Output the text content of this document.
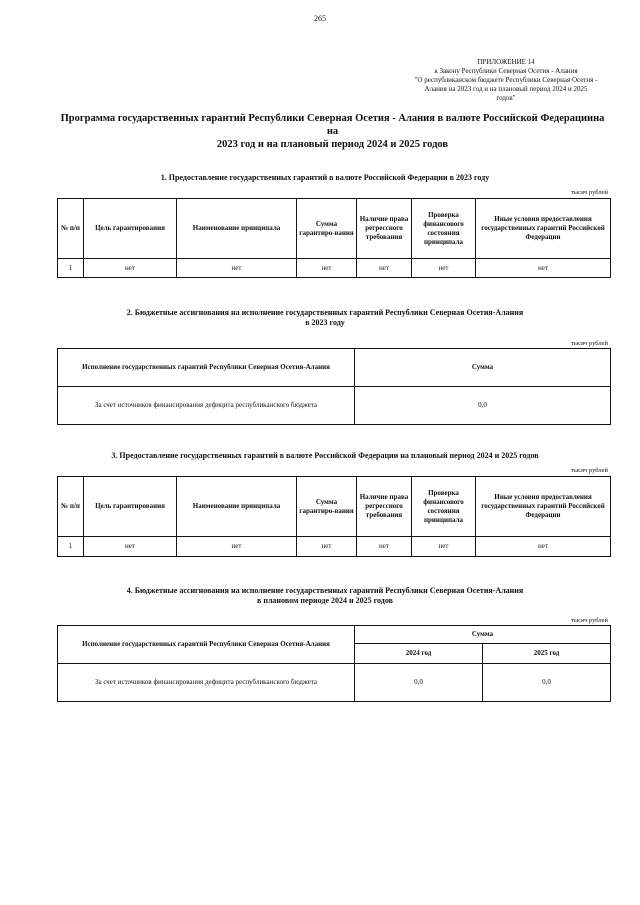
265
ПРИЛОЖЕНИЕ 14
к Закону Республики Северная Осетия - Алания
"О республиканском бюджете Республики Северная Осетия -
Алания на 2023 год и на плановый период 2024 и 2025
годов"
Программа государственных гарантий Республики Северная Осетия - Алания в валюте Российской Федерациина на
2023 год и на плановый период 2024 и 2025 годов
1. Предоставление государственных гарантий в валюте Российской Федерации в 2023 году
тысяч рублей
№ п/п	Цель гарантирования	Наименование принципала	Сумма гарантиро-вания	Наличие права регрессного требования	Проверка финансового состояния принципала	Иные условия предоставления государственных гарантий Российской Федерации
1	нет	нет	нет	нет	нет	нет
2. Бюджетные ассигнования на исполнение государственных гарантий Республики Северная Осетия-Алания
в 2023 году
тысяч рублей
Исполнение государственных гарантий Республики Северная Осетия-Алания	Сумма
За счет источников финансирования дефицита республиканского бюджета	0,0
3. Предоставление государственных гарантий в валюте Российской Федерации на плановый период 2024 и 2025 годов
тысяч рублей
№ п/п	Цель гарантирования	Наименование принципала	Сумма гарантиро-вания	Наличие права регрессного требования	Проверка финансового состояния принципала	Иные условия предоставления государственных гарантий Российской Федерации
1	нет	нет	нет	нет	нет	нет
4. Бюджетные ассигнования на исполнение государственных гарантий Республики Северная Осетия-Алания
в плановом периоде 2024 и 2025 годов
тысяч рублей
Исполнение государственных гарантий Республики Северная Осетия-Алания	Сумма	
	2024 год	2025 год
За счет источников финансирования дефицита республиканского бюджета	0,0	0,0
